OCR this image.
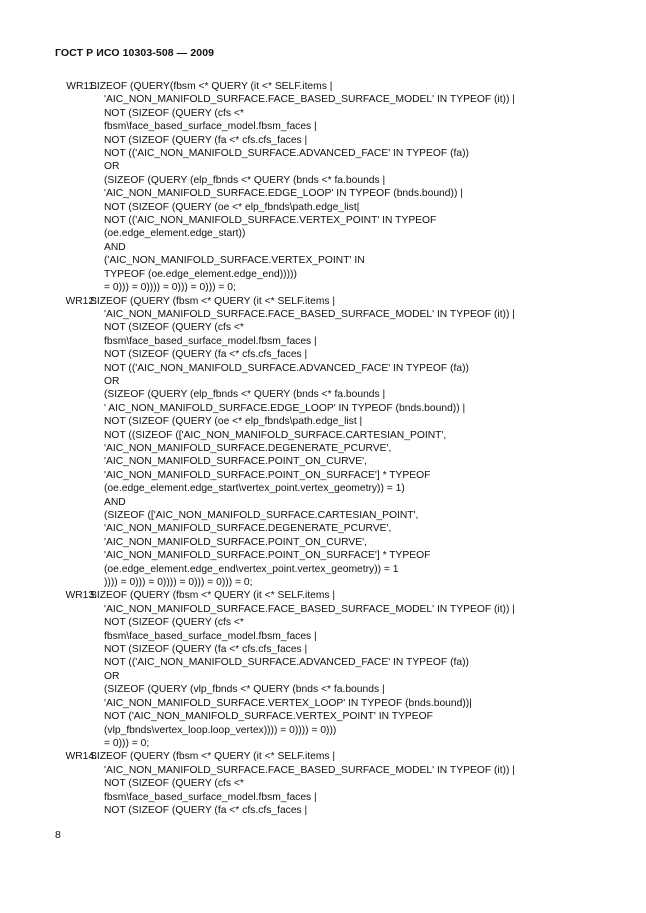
ГОСТ Р ИСО 10303-508 — 2009
WR11:
SIZEOF (QUERY(fbsm <* QUERY (it <* SELF.items |
'AIC_NON_MANIFOLD_SURFACE.FACE_BASED_SURFACE_MODEL' IN TYPEOF (it)) |
NOT (SIZEOF (QUERY (cfs <*
fbsm\face_based_surface_model.fbsm_faces |
NOT (SIZEOF (QUERY (fa <* cfs.cfs_faces |
NOT (('AIC_NON_MANIFOLD_SURFACE.ADVANCED_FACE' IN TYPEOF (fa))
OR
(SIZEOF (QUERY (elp_fbnds <* QUERY (bnds <* fa.bounds |
'AIC_NON_MANIFOLD_SURFACE.EDGE_LOOP' IN TYPEOF (bnds.bound)) |
NOT (SIZEOF (QUERY (oe <* elp_fbnds\path.edge_list|
NOT (('AIC_NON_MANIFOLD_SURFACE.VERTEX_POINT' IN TYPEOF
(oe.edge_element.edge_start))
AND
('AIC_NON_MANIFOLD_SURFACE.VERTEX_POINT' IN
TYPEOF (oe.edge_element.edge_end)))))
= 0))) = 0)))) = 0))) = 0))) = 0;
WR12:
SIZEOF (QUERY (fbsm <* QUERY (it <* SELF.items |
'AIC_NON_MANIFOLD_SURFACE.FACE_BASED_SURFACE_MODEL' IN TYPEOF (it)) |
NOT (SIZEOF (QUERY (cfs <*
fbsm\face_based_surface_model.fbsm_faces |
NOT (SIZEOF (QUERY (fa <* cfs.cfs_faces |
NOT (('AIC_NON_MANIFOLD_SURFACE.ADVANCED_FACE' IN TYPEOF (fa))
OR
(SIZEOF (QUERY (elp_fbnds <* QUERY (bnds <* fa.bounds |
' AIC_NON_MANIFOLD_SURFACE.EDGE_LOOP' IN TYPEOF (bnds.bound)) |
NOT (SIZEOF (QUERY (oe <* elp_fbnds\path.edge_list |
NOT ((SIZEOF (['AIC_NON_MANIFOLD_SURFACE.CARTESIAN_POINT',
'AIC_NON_MANIFOLD_SURFACE.DEGENERATE_PCURVE',
'AIC_NON_MANIFOLD_SURFACE.POINT_ON_CURVE',
'AIC_NON_MANIFOLD_SURFACE.POINT_ON_SURFACE'] * TYPEOF
(oe.edge_element.edge_start\vertex_point.vertex_geometry)) = 1)
AND
(SIZEOF (['AIC_NON_MANIFOLD_SURFACE.CARTESIAN_POINT',
'AIC_NON_MANIFOLD_SURFACE.DEGENERATE_PCURVE',
'AIC_NON_MANIFOLD_SURFACE.POINT_ON_CURVE',
'AIC_NON_MANIFOLD_SURFACE.POINT_ON_SURFACE'] * TYPEOF
(oe.edge_element.edge_end\vertex_point.vertex_geometry)) = 1
)))) = 0))) = 0)))) = 0))) = 0))) = 0;
WR13:
SIZEOF (QUERY (fbsm <* QUERY (it <* SELF.items |
'AIC_NON_MANIFOLD_SURFACE.FACE_BASED_SURFACE_MODEL' IN TYPEOF (it)) |
NOT (SIZEOF (QUERY (cfs <*
fbsm\face_based_surface_model.fbsm_faces |
NOT (SIZEOF (QUERY (fa <* cfs.cfs_faces |
NOT (('AIC_NON_MANIFOLD_SURFACE.ADVANCED_FACE' IN TYPEOF (fa))
OR
(SIZEOF (QUERY (vlp_fbnds <* QUERY (bnds <* fa.bounds |
'AIC_NON_MANIFOLD_SURFACE.VERTEX_LOOP' IN TYPEOF (bnds.bound))|
NOT ('AIC_NON_MANIFOLD_SURFACE.VERTEX_POINT' IN TYPEOF
(vlp_fbnds\vertex_loop.loop_vertex)))) = 0)))) = 0)))
= 0))) = 0;
WR14:
SIZEOF (QUERY (fbsm <* QUERY (it <* SELF.items |
'AIC_NON_MANIFOLD_SURFACE.FACE_BASED_SURFACE_MODEL' IN TYPEOF (it)) |
NOT (SIZEOF (QUERY (cfs <*
fbsm\face_based_surface_model.fbsm_faces |
NOT (SIZEOF (QUERY (fa <* cfs.cfs_faces |
8
